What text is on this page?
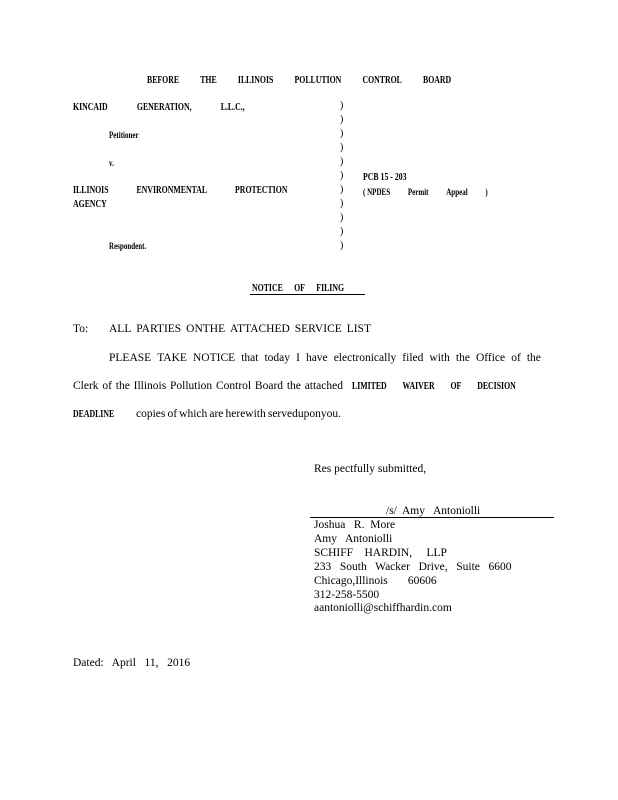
BEFORE THE ILLINOIS POLLUTION CONTROL BOARD
KINCAID	GENERATION,	L.L.C.,
Petitioner
v.
ILLINOIS	ENVIRONMENTAL	PROTECTION
AGENCY
Respondent.
)
)
)
)
)
)
)
)
)
)
)
PCB 15 - 203
( NPDES Permit Appeal )
NOTICE OF FILING
To: ALL PARTIES ONTHE ATTACHED SERVICE LIST
PLEASE TAKE NOTICE that today I have electronically filed with the Office of the
Clerk of the Illinois Pollution Control Board the attached LIMITED WAIVER OF DECISION
DEADLINE copies of which are herewith serveduponyou.
Res pectfully submitted,
/s/  Amy   Antoniolli
Joshua   R.  More
Amy   Antoniolli
SCHIFF    HARDIN,     LLP
233   South   Wacker   Drive,   Suite   6600
Chicago,Illinois       60606
312-258-5500
aantoniolli@schiffhardin.com
Dated:   April   11,   2016
